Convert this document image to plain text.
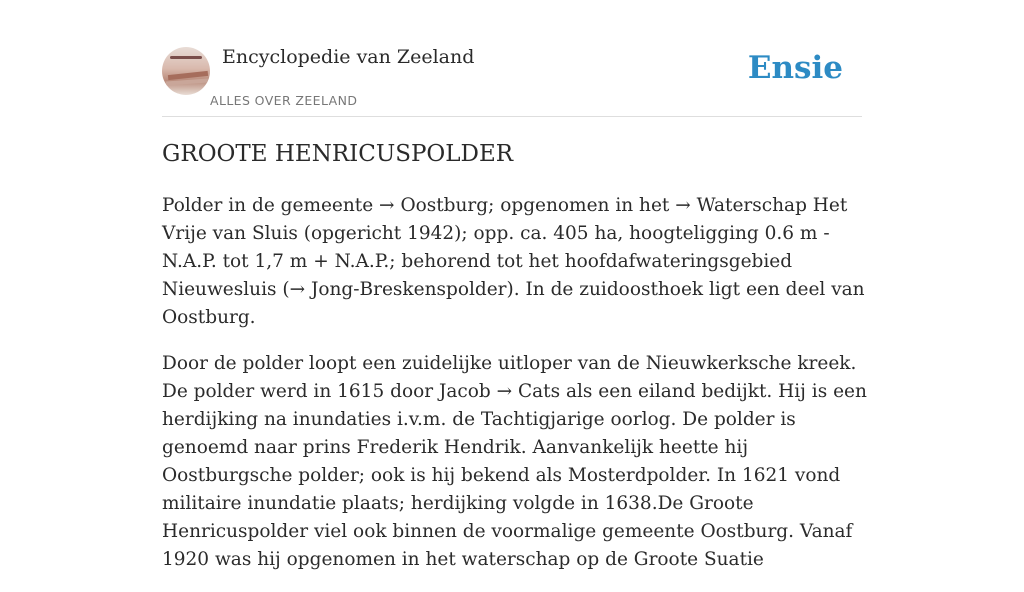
Encyclopedie van Zeeland
ALLES OVER ZEELAND
Ensie
GROOTE HENRICUSPOLDER

Polder in de gemeente → Oostburg; opgenomen in het → Waterschap Het Vrije van Sluis (opgericht 1942); opp. ca. 405 ha, hoogteligging 0.6 m - N.A.P. tot 1,7 m + N.A.P.; behorend tot het hoofdafwateringsgebied Nieuwesluis (→ Jong-Breskenspolder). In de zuidoosthoek ligt een deel van Oostburg.

Door de polder loopt een zuidelijke uitloper van de Nieuwkerksche kreek. De polder werd in 1615 door Jacob → Cats als een eiland bedijkt. Hij is een herdijking na inundaties i.v.m. de Tachtigjarige oorlog. De polder is genoemd naar prins Frederik Hendrik. Aanvankelijk heette hij Oostburgsche polder; ook is hij bekend als Mosterdpolder. In 1621 vond militaire inundatie plaats; herdijking volgde in 1638.De Groote Henricuspolder viel ook binnen de voormalige gemeente Oostburg. Vanaf 1920 was hij opgenomen in het waterschap op de Groote Suatie
